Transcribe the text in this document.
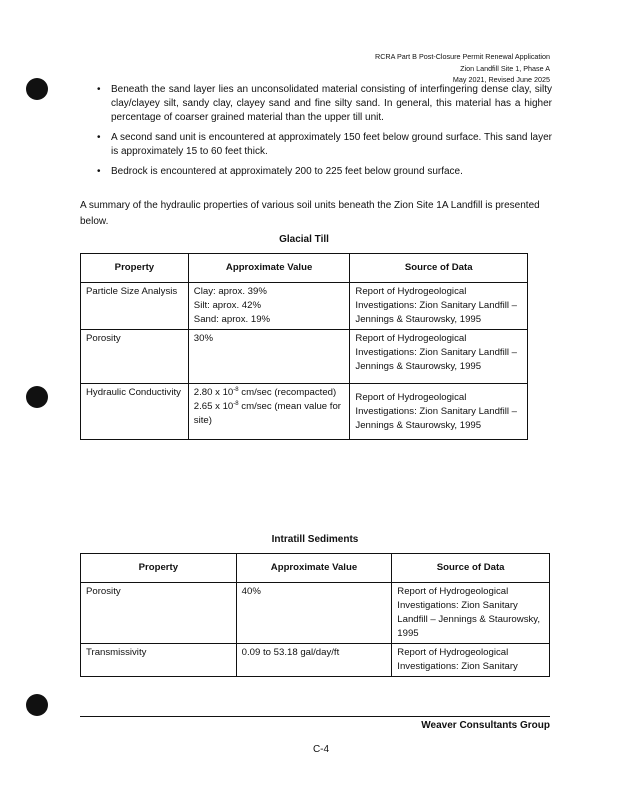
RCRA Part B Post-Closure Permit Renewal Application
Zion Landfill Site 1, Phase A
May 2021, Revised June 2025
• Beneath the sand layer lies an unconsolidated material consisting of interfingering dense clay, silty clay/clayey silt, sandy clay, clayey sand and fine silty sand. In general, this material has a higher percentage of coarser grained material than the upper till unit.
• A second sand unit is encountered at approximately 150 feet below ground surface. This sand layer is approximately 15 to 60 feet thick.
• Bedrock is encountered at approximately 200 to 225 feet below ground surface.

A summary of the hydraulic properties of various soil units beneath the Zion Site 1A Landfill is presented below.

Glacial Till
Property	Approximate Value	Source of Data
Particle Size Analysis	Clay: aprox. 39%
Silt: aprox. 42%
Sand: aprox. 19%	Report of Hydrogeological Investigations: Zion Sanitary Landfill – Jennings & Staurowsky, 1995
Porosity	30%	Report of Hydrogeological Investigations: Zion Sanitary Landfill – Jennings & Staurowsky, 1995
Hydraulic Conductivity	2.80 x $10^{-8}$ cm/sec (recompacted)
2.65 x $10^{-8}$ cm/sec (mean value for site)	Report of Hydrogeological Investigations: Zion Sanitary Landfill – Jennings & Staurowsky, 1995
Intratill Sediments
Property	Approximate Value	Source of Data
Porosity	40%	Report of Hydrogeological Investigations: Zion Sanitary Landfill – Jennings & Staurowsky, 1995
Transmissivity	0.09 to 53.18 gal/day/ft	Report of Hydrogeological Investigations: Zion Sanitary
Weaver Consultants Group
C-4
